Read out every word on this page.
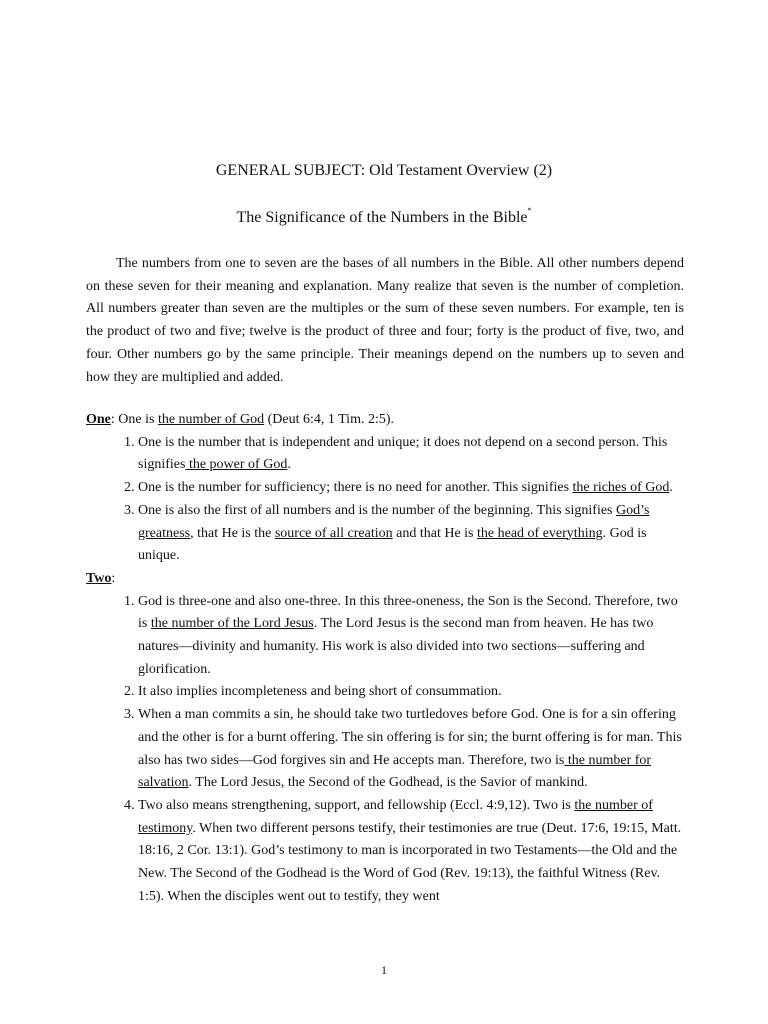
GENERAL SUBJECT: Old Testament Overview (2)
The Significance of the Numbers in the Bible*

The numbers from one to seven are the bases of all numbers in the Bible. All other numbers depend on these seven for their meaning and explanation. Many realize that seven is the number of completion. All numbers greater than seven are the multiples or the sum of these seven numbers. For example, ten is the product of two and five; twelve is the product of three and four; forty is the product of five, two, and four. Other numbers go by the same principle. Their meanings depend on the numbers up to seven and how they are multiplied and added.

One: One is the number of God (Deut 6:4, 1 Tim. 2:5).

1. One is the number that is independent and unique; it does not depend on a second person. This signifies the power of God.
2. One is the number for sufficiency; there is no need for another. This signifies the riches of God.
3. One is also the first of all numbers and is the number of the beginning. This signifies God’s greatness, that He is the source of all creation and that He is the head of everything. God is unique.

Two:

1. God is three-one and also one-three. In this three-oneness, the Son is the Second. Therefore, two is the number of the Lord Jesus. The Lord Jesus is the second man from heaven. He has two natures—divinity and humanity. His work is also divided into two sections—suffering and glorification.
2. It also implies incompleteness and being short of consummation.
3. When a man commits a sin, he should take two turtledoves before God. One is for a sin offering and the other is for a burnt offering. The sin offering is for sin; the burnt offering is for man. This also has two sides—God forgives sin and He accepts man. Therefore, two is the number for salvation. The Lord Jesus, the Second of the Godhead, is the Savior of mankind.
4. Two also means strengthening, support, and fellowship (Eccl. 4:9,12). Two is the number of testimony. When two different persons testify, their testimonies are true (Deut. 17:6, 19:15, Matt. 18:16, 2 Cor. 13:1). God’s testimony to man is incorporated in two Testaments—the Old and the New. The Second of the Godhead is the Word of God (Rev. 19:13), the faithful Witness (Rev. 1:5). When the disciples went out to testify, they went
1
